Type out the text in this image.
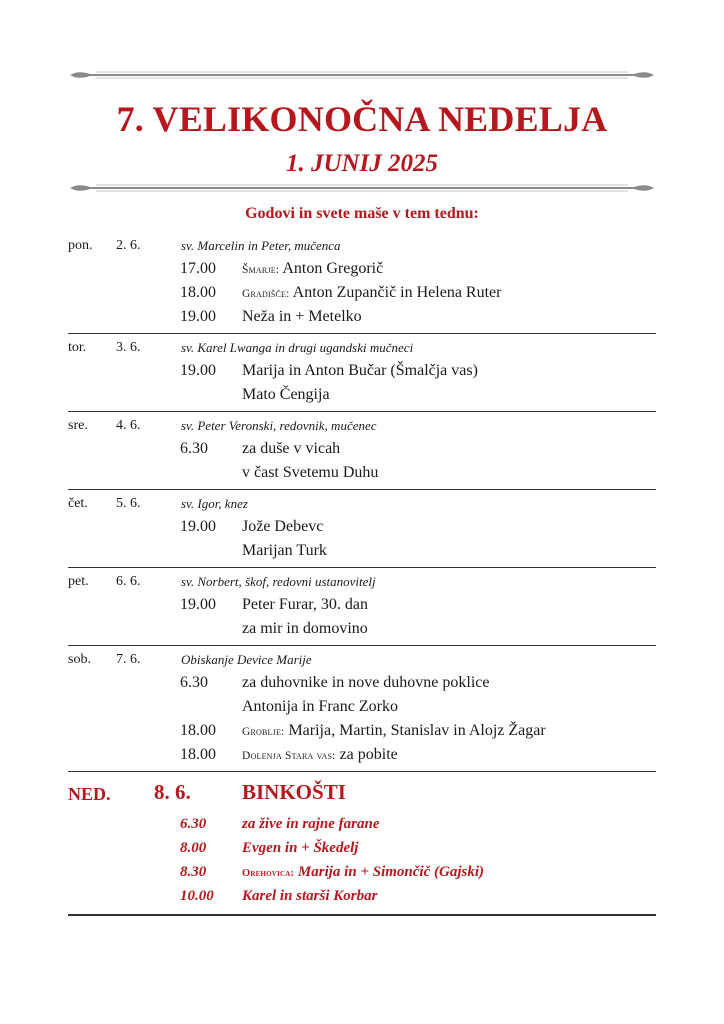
7. VELIKONOČNA NEDELJA
1. JUNIJ 2025
Godovi in svete maše v tem tednu:
pon. 2. 6.	sv. Marcelin in Peter, mučenca
17.00 Šmarje: Anton Gregorič
18.00 Gradišče: Anton Zupančič in Helena Ruter
19.00 Neža in + Metelko
tor. 3. 6.	sv. Karel Lwanga in drugi ugandski mučneci
19.00 Marija in Anton Bučar (Šmalčja vas)
Mato Čengija
sre. 4. 6.	sv. Peter Veronski, redovnik, mučenec
6.30 za duše v vicah
v čast Svetemu Duhu
čet. 5. 6.	sv. Igor, knez
19.00 Jože Debevc
Marijan Turk
pet. 6. 6.	sv. Norbert, škof, redovni ustanovitelj
19.00 Peter Furar, 30. dan
za mir in domovino
sob. 7. 6.	Obiskanje Device Marije
6.30 za duhovnike in nove duhovne poklice
Antonija in Franc Zorko
18.00 Groblje: Marija, Martin, Stanislav in Alojz Žagar
18.00 Dolenja Stara vas: za pobite
NED. 8. 6. BINKOŠTI
6.30 za žive in rajne farane
8.00 Evgen in + Škedelj
8.30	Orehovica: Marija in + Simončič (Gajski)
10.00 Karel in starši Korbar
